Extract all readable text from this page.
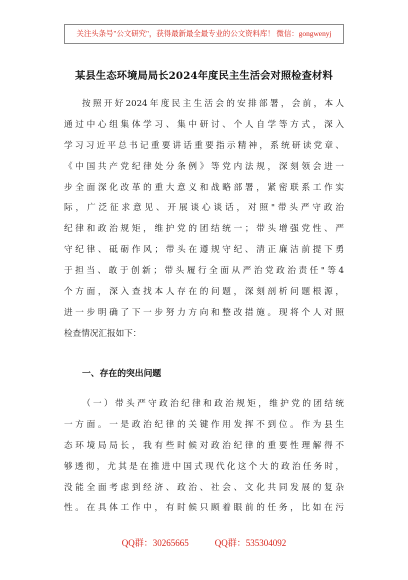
关注头条号"公文研究"，获得最新最全最专业的公文资料库！ 微信：gongwenyj
某县生态环境局局长2024年度民主生活会对照检查材料
按照开好2024年度民主生活会的安排部署，会前，本人
通过中心组集体学习、集中研讨、个人自学等方式，深入
学习习近平总书记重要讲话重要指示精神，系统研读党章、
《中国共产党纪律处分条例》等党内法规，深刻领会进一
步全面深化改革的重大意义和战略部署，紧密联系工作实
际，广泛征求意见、开展谈心谈话，对照"带头严守政治
纪律和政治规矩，维护党的团结统一；带头增强党性、严
守纪律、砥砺作风；带头在遵规守纪、清正廉洁前提下勇
于担当、敢于创新；带头履行全面从严治党政治责任"等4
个方面，深入查找本人存在的问题，深刻剖析问题根源，
进一步明确了下一步努力方向和整改措施。现将个人对照
检查情况汇报如下：
一、存在的突出问题
（一）带头严守政治纪律和政治规矩，维护党的团结统
一方面。一是政治纪律的关键作用发挥不到位。作为县生
态环境局局长，我有些时候对政治纪律的重要性理解得不
够透彻，尤其是在推进中国式现代化这个大的政治任务时，
没能全面考虑到经济、政治、社会、文化共同发展的复杂
性。在具体工作中，有时候只顾着眼前的任务，比如在污
QQ群：30265665	QQ群：535304092
